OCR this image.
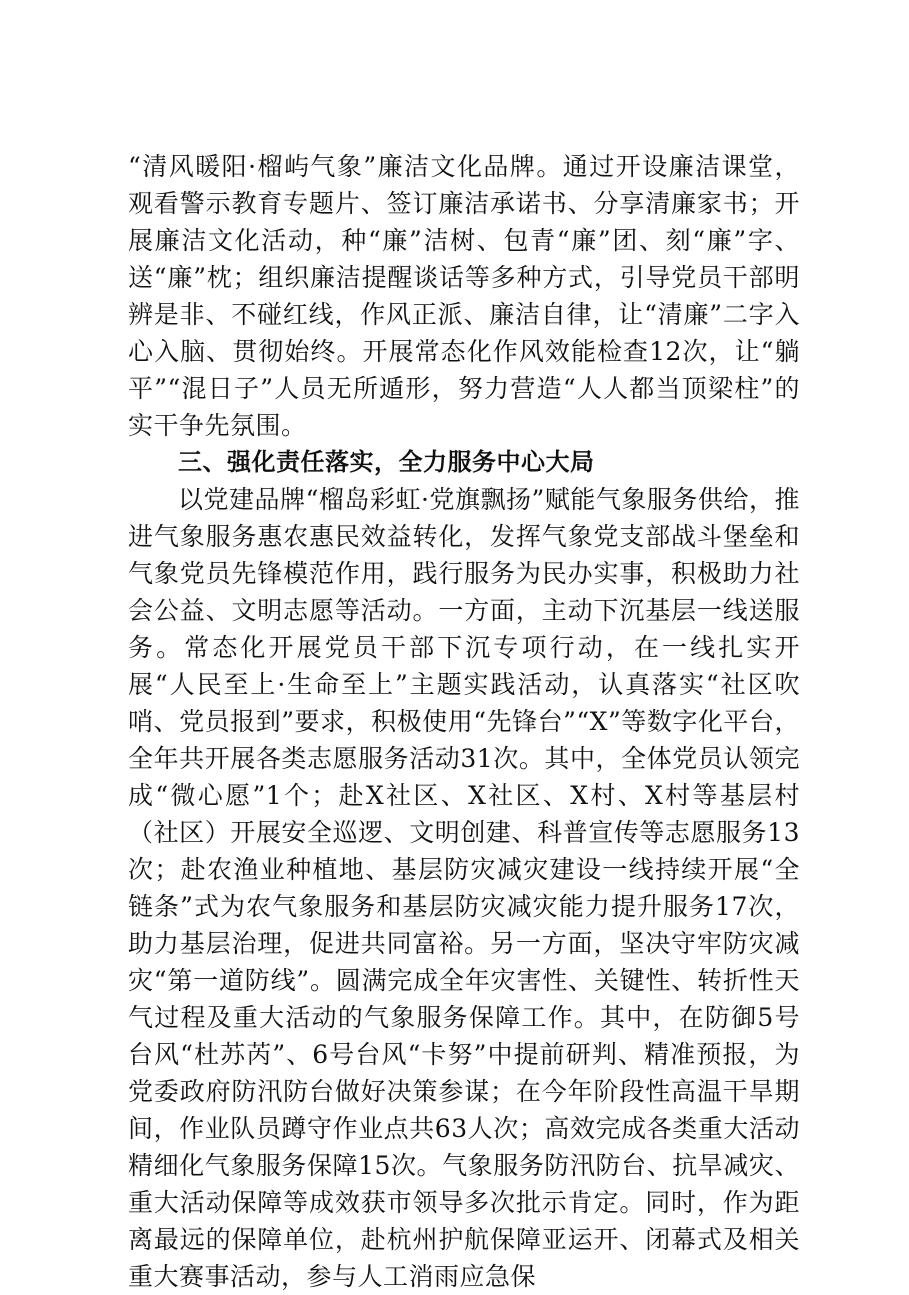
“清风暖阳·榴屿气象”廉洁文化品牌。通过开设廉洁课堂，观看警示教育专题片、签订廉洁承诺书、分享清廉家书；开展廉洁文化活动，种“廉”洁树、包青“廉”团、刻“廉”字、送“廉”枕；组织廉洁提醒谈话等多种方式，引导党员干部明辨是非、不碰红线，作风正派、廉洁自律，让“清廉”二字入心入脑、贯彻始终。开展常态化作风效能检查12次，让“躺平”“混日子”人员无所遁形，努力营造“人人都当顶梁柱”的实干争先氛围。

三、强化责任落实，全力服务中心大局

以党建品牌“榴岛彩虹·党旗飘扬”赋能气象服务供给，推进气象服务惠农惠民效益转化，发挥气象党支部战斗堡垒和气象党员先锋模范作用，践行服务为民办实事，积极助力社会公益、文明志愿等活动。一方面，主动下沉基层一线送服务。常态化开展党员干部下沉专项行动，在一线扎实开展“人民至上·生命至上”主题实践活动，认真落实“社区吹哨、党员报到”要求，积极使用“先锋台”“X”等数字化平台，全年共开展各类志愿服务活动31次。其中，全体党员认领完成“微心愿”1个；赴X社区、X社区、X村、X村等基层村（社区）开展安全巡逻、文明创建、科普宣传等志愿服务13次；赴农渔业种植地、基层防灾减灾建设一线持续开展“全链条”式为农气象服务和基层防灾减灾能力提升服务17次，助力基层治理，促进共同富裕。另一方面，坚决守牢防灾减灾“第一道防线”。圆满完成全年灾害性、关键性、转折性天气过程及重大活动的气象服务保障工作。其中，在防御5号台风“杜苏芮”、6号台风“卡努”中提前研判、精准预报，为党委政府防汛防台做好决策参谋；在今年阶段性高温干旱期间，作业队员蹲守作业点共63人次；高效完成各类重大活动精细化气象服务保障15次。气象服务防汛防台、抗旱减灾、重大活动保障等成效获市领导多次批示肯定。同时，作为距离最远的保障单位，赴杭州护航保障亚运开、闭幕式及相关重大赛事活动，参与人工消雨应急保
